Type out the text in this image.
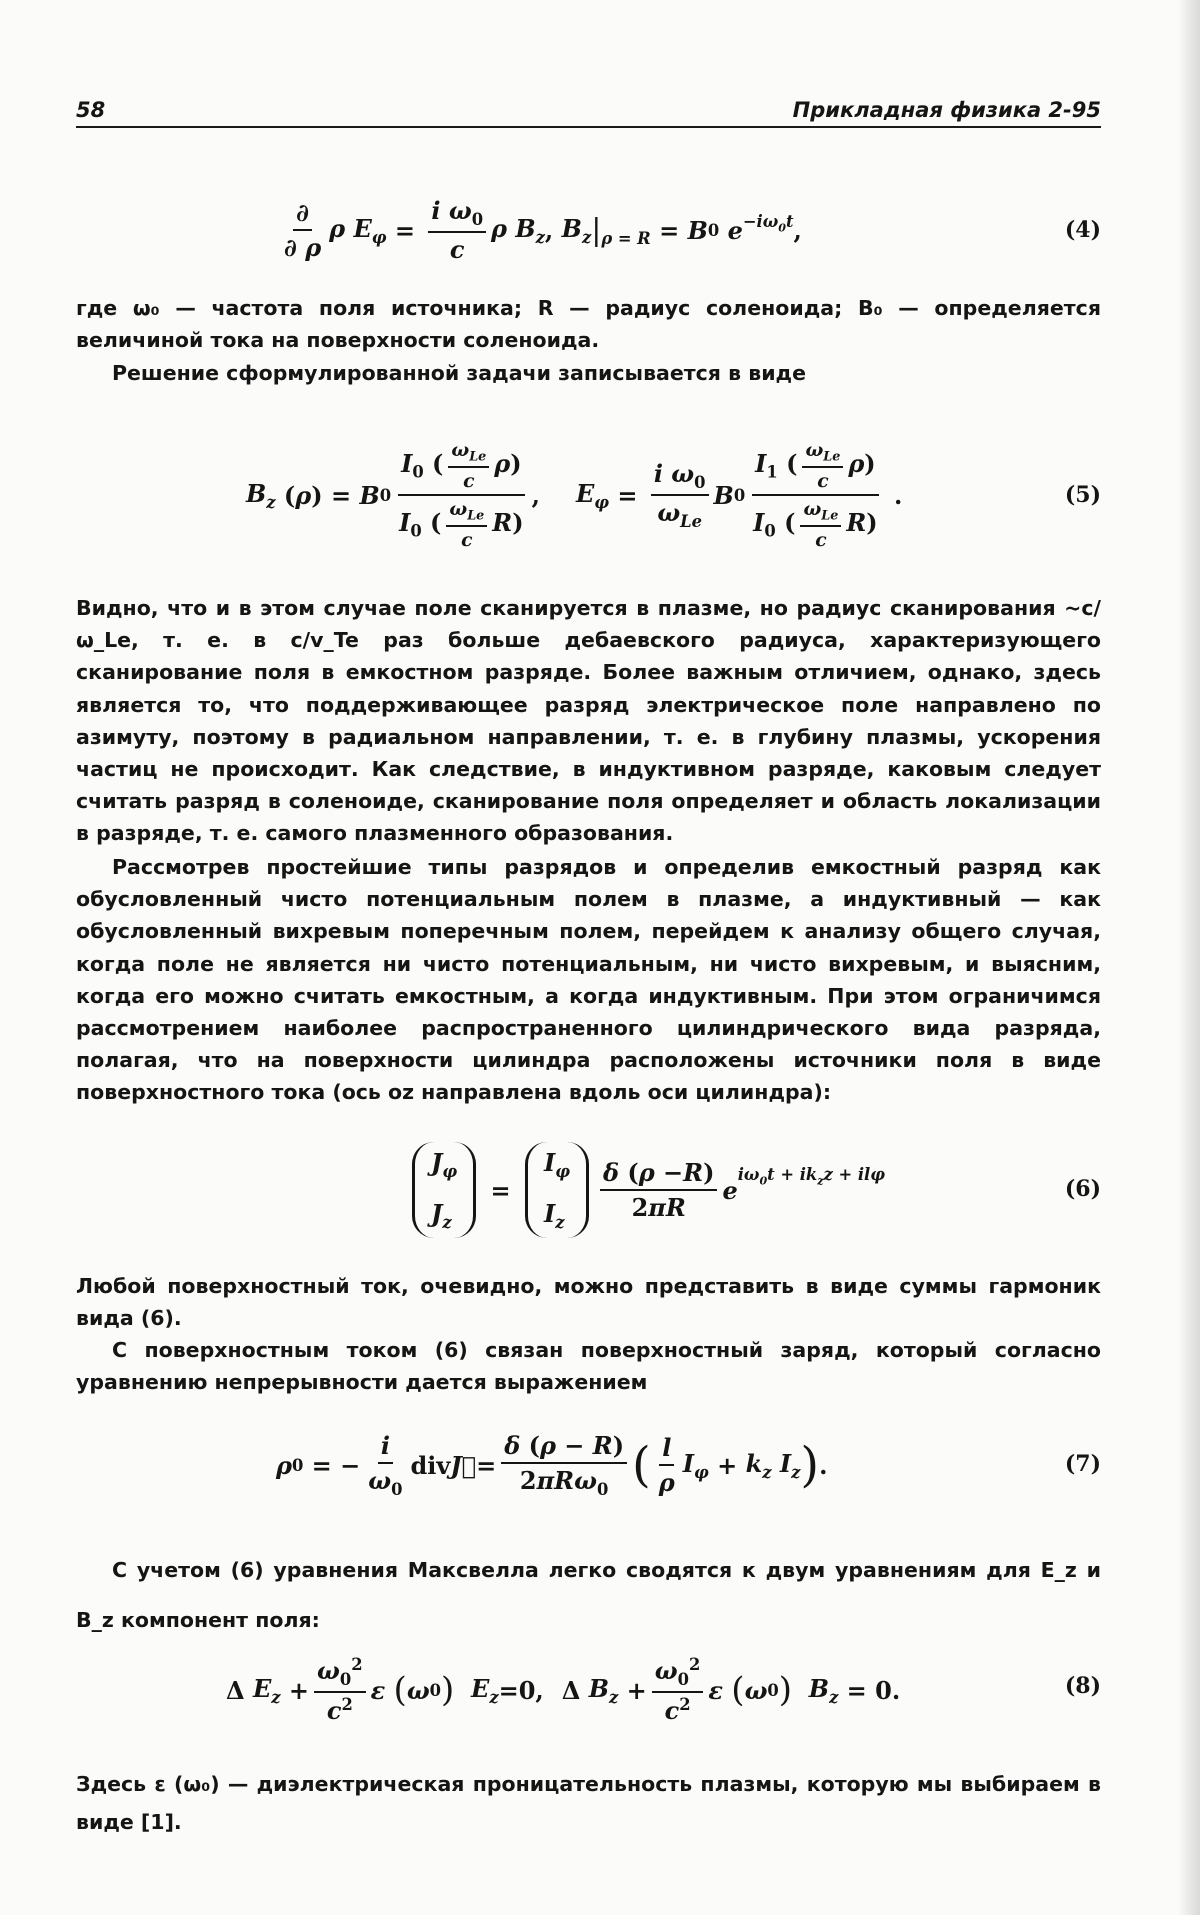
58	Прикладная физика 2-95
$\frac{\partial}{\partial \rho}$ ρ $E_\varphi = \frac{i \omega_0}{c}$ ρ $B_z$ , $B_z$ $|_{\rho = R} = B$ 0
$e^{-i\omega_0t}$ ,	(4)

где ω₀ — частота поля источника; R — радиус соленоида; B₀ — определяется величиной тока на поверхности соленоида.

Решение сформулированной задачи записывается в виде

$B_z$ ( ρ ) = B $0 \frac{I_0 ( \frac{\omega_{Le}}{c} \rho)}{I_0 ( \frac{\omega_{Le}}{c} R)}$ , $E_\varphi = \frac{i \omega_0}{\omega_{Le}}$ B $0 \frac{I_1 ( \frac{\omega_{Le}}{c} \rho)}{I_0 ( \frac{\omega_{Le}}{c} R)}$ .	(5)

Видно, что и в этом случае поле сканируется в плазме, но радиус сканирования ~c/ω_Le, т. е. в c/v_Te раз больше дебаевского радиуса, характеризующего сканирование поля в емкостном разряде. Более важным отличием, однако, здесь является то, что поддерживающее разряд электрическое поле направлено по азимуту, поэтому в радиальном направлении, т. е. в глубину плазмы, ускорения частиц не происходит. Как следствие, в индуктивном разряде, каковым следует считать разряд в соленоиде, сканирование поля определяет и область локализации в разряде, т. е. самого плазменного образования.

Рассмотрев простейшие типы разрядов и определив емкостный разряд как обусловленный чисто потенциальным полем в плазме, а индуктивный — как обусловленный вихревым поперечным полем, перейдем к анализу общего случая, когда поле не является ни чисто потенциальным, ни чисто вихревым, и выясним, когда его можно считать емкостным, а когда индуктивным. При этом ограничимся рассмотрением наиболее распространенного цилиндрического вида разряда, полагая, что на поверхности цилиндра расположены источники поля в виде поверхностного тока (ось oz направлена вдоль оси цилиндра):

$J_\varphi$
$J_z$
=
$I_\varphi$
$I_z$
$\frac{\delta (\rho -R)}{2\pi R}$ e
$^{i\omega_0t + ik_zz + il\varphi}$
(6)

Любой поверхностный ток, очевидно, можно представить в виде суммы гармоник вида (6).

С поверхностным током (6) связан поверхностный заряд, который согласно уравнению непрерывности дается выражением

ρ 0 = − $\frac{i}{\omega_0}$ div J⃗ = $\frac{\delta (\rho - R)}{2\pi R\omega_0}$ ( $\frac{l}{\rho} I_\varphi + k_z$ $I_z$ ) .	(7)

С учетом (6) уравнения Максвелла легко сводятся к двум уравнениям для E_z и B_z компонент поля:

Δ $E_z + \frac{\omega_0^2}{c^2}$ ε
( ω 0 )
$E_z =0$,
Δ $B_z + \frac{\omega_0^2}{c^2}$ ε
( ω 0 )
$B_z = 0$.	(8)

Здесь ε (ω₀) — диэлектрическая проницательность плазмы, которую мы выбираем в виде [1].
